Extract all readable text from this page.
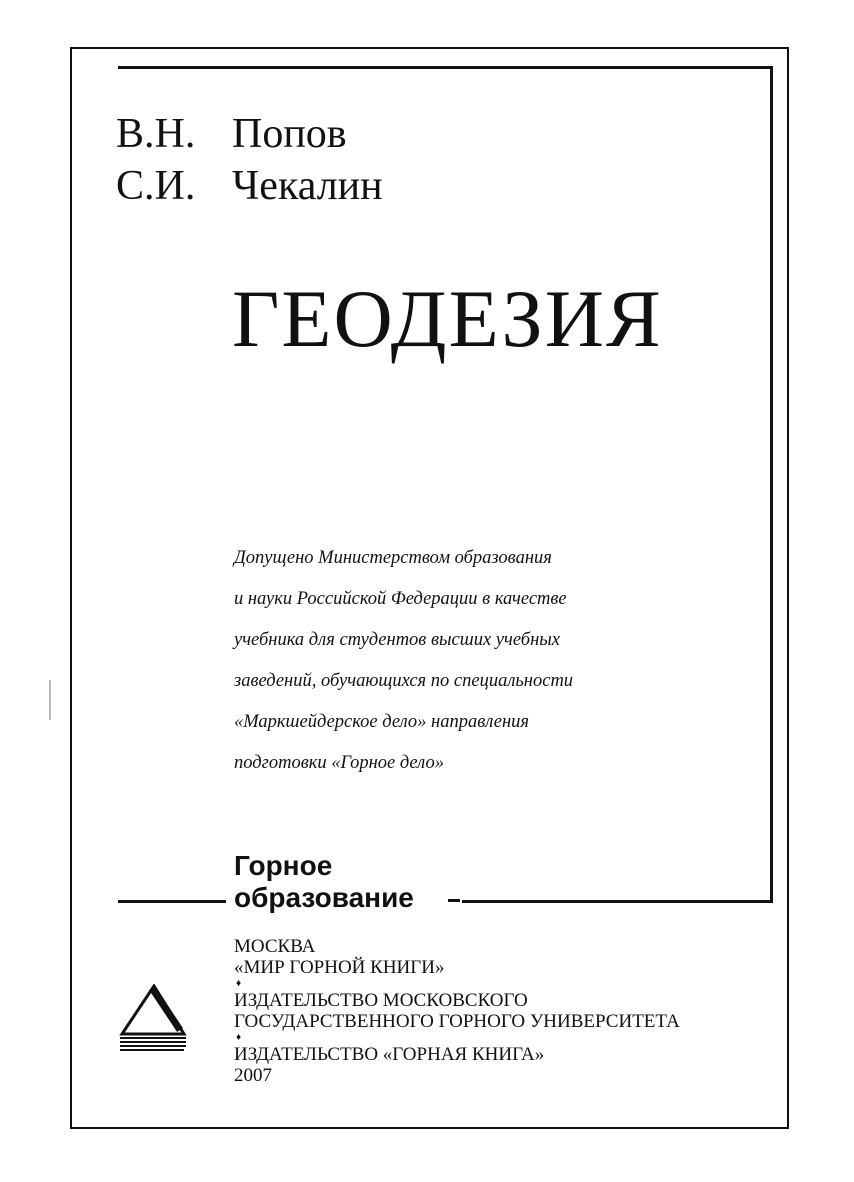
В.Н. Попов
С.И. Чекалин
ГЕОДЕЗИЯ

Допущено Министерством образования

и науки Российской Федерации в качестве

учебника для студентов высших учебных

заведений, обучающихся по специальности

«Маркшейдерское дело» направления

подготовки «Горное дело»

Горное
образование
МОСКВА
«МИР ГОРНОЙ КНИГИ»
♦
ИЗДАТЕЛЬСТВО МОСКОВСКОГО
ГОСУДАРСТВЕННОГО ГОРНОГО УНИВЕРСИТЕТА
♦
ИЗДАТЕЛЬСТВО «ГОРНАЯ КНИГА»
2007
